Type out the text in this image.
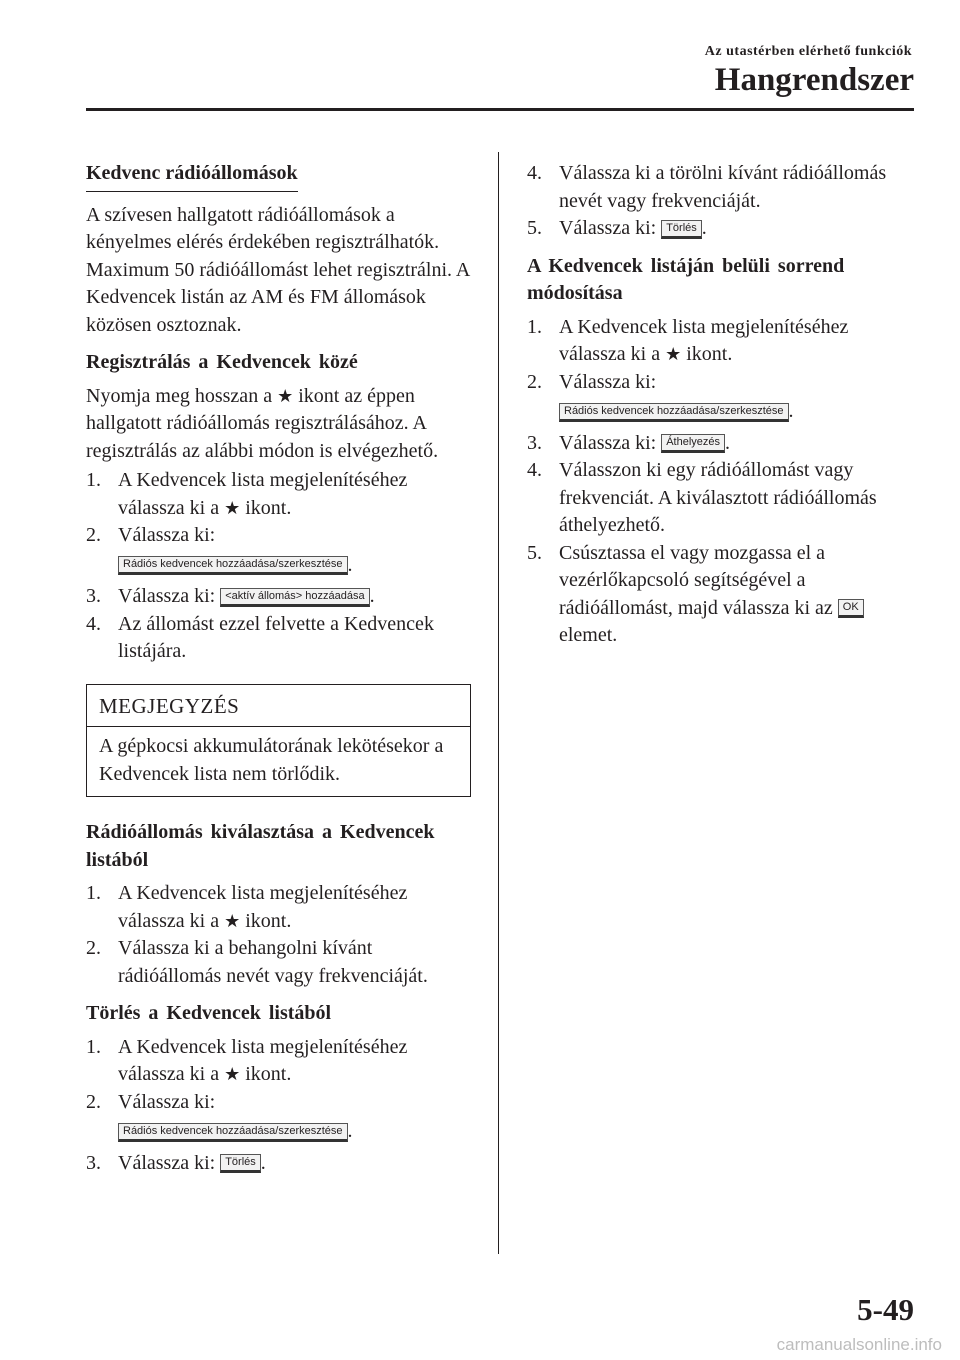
Az utastérben elérhető funkciók
Hangrendszer
Kedvenc rádióállomások

A szívesen hallgatott rádióállomások a kényelmes elérés érdekében regisztrálhatók. Maximum 50 rádióállomást lehet regisztrálni. A Kedvencek listán az AM és FM állomások közösen osztoznak.

Regisztrálás a Kedvencek közé

Nyomja meg hosszan a ★ ikont az éppen hallgatott rádióállomás regisztrálásához. A regisztrálás az alábbi módon is elvégezhető.

1. A Kedvencek lista megjelenítéséhez válassza ki a ★ ikont.
2. Válassza ki:
Rádiós kedvencek hozzáadása/szerkesztése .
3. Válassza ki: <aktív állomás> hozzáadása .
4. Az állomást ezzel felvette a Kedvencek listájára.
MEGJEGYZÉS
A gépkocsi akkumulátorának lekötésekor a Kedvencek lista nem törlődik.
Rádióállomás kiválasztása a Kedvencek listából
1. A Kedvencek lista megjelenítéséhez válassza ki a ★ ikont.
2. Válassza ki a behangolni kívánt rádióállomás nevét vagy frekvenciáját.
Törlés a Kedvencek listából
1. A Kedvencek lista megjelenítéséhez válassza ki a ★ ikont.
2. Válassza ki:
Rádiós kedvencek hozzáadása/szerkesztése .
3. Válassza ki: Törlés .
4. Válassza ki a törölni kívánt rádióállomás nevét vagy frekvenciáját.
5. Válassza ki: Törlés .
A Kedvencek listáján belüli sorrend módosítása
1. A Kedvencek lista megjelenítéséhez válassza ki a ★ ikont.
2. Válassza ki:
Rádiós kedvencek hozzáadása/szerkesztése .
3. Válassza ki: Áthelyezés .
4. Válasszon ki egy rádióállomást vagy frekvenciát. A kiválasztott rádióállomás áthelyezhető.
5. Csúsztassa el vagy mozgassa el a vezérlőkapcsoló segítségével a rádióállomást, majd válassza ki az OK elemet.
5-49
carmanualsonline.info
